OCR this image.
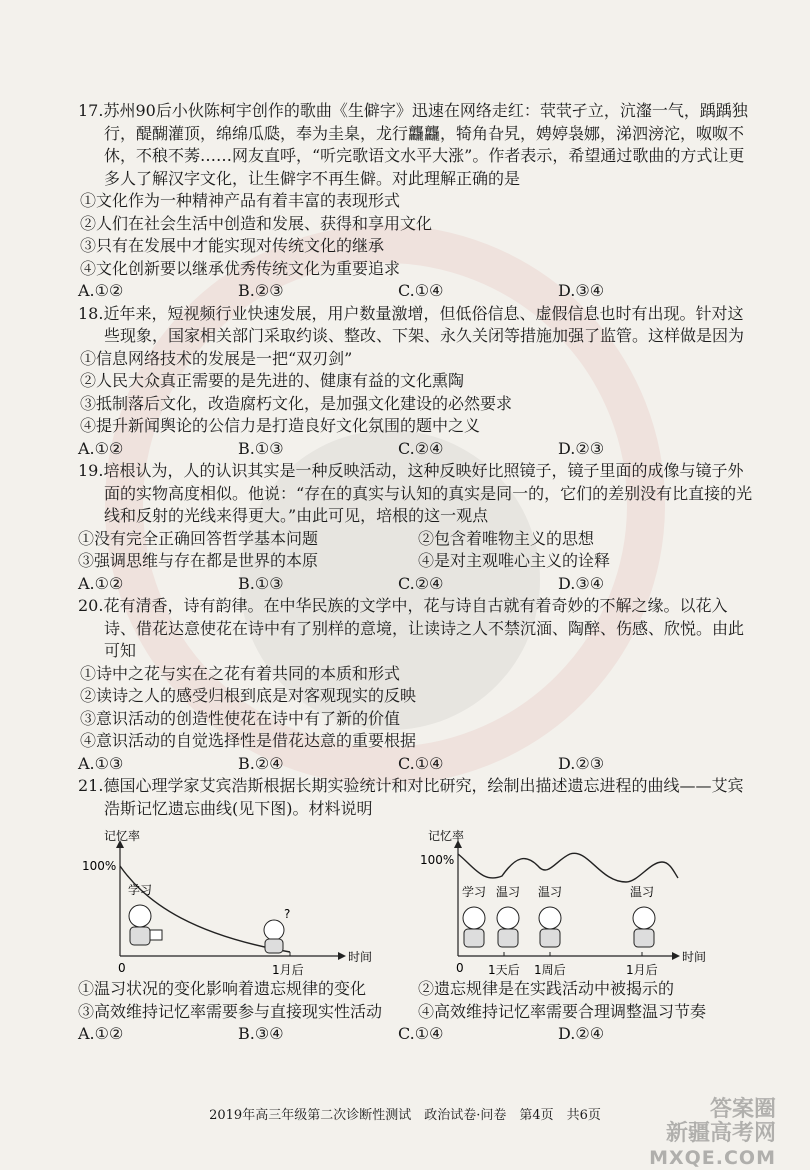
17.苏州90后小伙陈柯宇创作的歌曲《生僻字》迅速在网络走红：茕茕孑立，沆瀣一气，踽踽独行，醍醐灌顶，绵绵瓜瓞，奉为圭臬，龙行龘龘，犄角旮旯，娉婷袅娜，涕泗滂沱，呶呶不休，不稂不莠……网友直呼，“听完歌语文水平大涨”。作者表示，希望通过歌曲的方式让更多人了解汉字文化，让生僻字不再生僻。对此理解正确的是
①文化作为一种精神产品有着丰富的表现形式
②人们在社会生活中创造和发展、获得和享用文化
③只有在发展中才能实现对传统文化的继承
④文化创新要以继承优秀传统文化为重要追求
A.①②	B.②③	C.①④	D.③④
18.近年来，短视频行业快速发展，用户数量激增，但低俗信息、虚假信息也时有出现。针对这些现象，国家相关部门采取约谈、整改、下架、永久关闭等措施加强了监管。这样做是因为
①信息网络技术的发展是一把“双刃剑”
②人民大众真正需要的是先进的、健康有益的文化熏陶
③抵制落后文化，改造腐朽文化，是加强文化建设的必然要求
④提升新闻舆论的公信力是打造良好文化氛围的题中之义
A.①②	B.①③	C.②④	D.②③
19.培根认为，人的认识其实是一种反映活动，这种反映好比照镜子，镜子里面的成像与镜子外面的实物高度相似。他说：“存在的真实与认知的真实是同一的，它们的差别没有比直接的光线和反射的光线来得更大。”由此可见，培根的这一观点
①没有完全正确回答哲学基本问题	②包含着唯物主义的思想
③强调思维与存在都是世界的本原	④是对主观唯心主义的诠释
A.①②	B.①③	C.②④	D.③④
20.花有清香，诗有韵律。在中华民族的文学中，花与诗自古就有着奇妙的不解之缘。以花入诗、借花达意使花在诗中有了别样的意境，让读诗之人不禁沉湎、陶醉、伤感、欣悦。由此可知
①诗中之花与实在之花有着共同的本质和形式
②读诗之人的感受归根到底是对客观现实的反映
③意识活动的创造性使花在诗中有了新的价值
④意识活动的自觉选择性是借花达意的重要根据
A.①③	B.②④	C.①④	D.②③
21.德国心理学家艾宾浩斯根据长期实验统计和对比研究，绘制出描述遗忘进程的曲线——艾宾浩斯记忆遗忘曲线(见下图)。材料说明
记忆率
100%
0
时间
1月后
学习
?
记忆率
100%
0
时间
1天后 1周后	1月后
学习 温习 温习	温习
①温习状况的变化影响着遗忘规律的变化	②遗忘规律是在实践活动中被揭示的
③高效维持记忆率需要参与直接现实性活动	④高效维持记忆率需要合理调整温习节奏
A.①②	B.③④	C.①④	D.②④
2019年高三年级第二次诊断性测试　政治试卷·问卷　第4页　共6页	答案圈
新疆高考网
MXQE.COM
